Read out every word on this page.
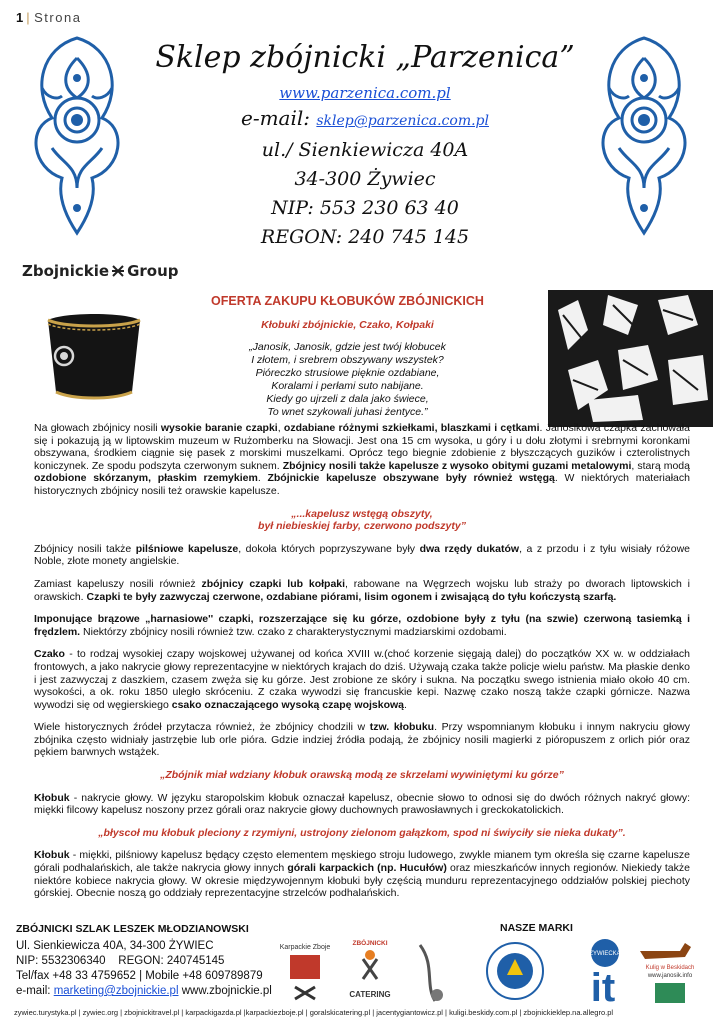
1 | Strona
Sklep zbójnicki „Parzenica”
www.parzenica.com.pl
e-mail: sklep@parzenica.com.pl
ul./ Sienkiewicza 40A
34-300 Żywiec
NIP: 553 230 63 40
REGON: 240 745 145
Zbojnickie Group
OFERTA ZAKUPU KŁOBUKÓW ZBÓJNICKICH
Kłobuki zbójnickie, Czako, Kołpaki
„Janosik, Janosik, gdzie jest twój kłobucek
I złotem, i srebrem obszywany wszystek?
Pióreczko strusiowe pięknie ozdabiane,
Koralami i perłami suto nabijane.
Kiedy go ujrzeli z dala jako świece,
To wnet szykowali juhasi żentyce.”

Na głowach zbójnicy nosili wysokie baranie czapki, ozdabiane różnymi szkiełkami, blaszkami i cętkami. Janosikowa czapka zachowała się i pokazują ją w liptowskim muzeum w Rużomberku na Słowacji. Jest ona 15 cm wysoka, u góry i u dołu złotymi i srebrnymi koronkami obszywana, środkiem ciągnie się pasek z morskimi muszelkami. Oprócz tego biegnie zdobienie z błyszczących guzików i czterolistnych koniczynek. Ze spodu podszyta czerwonym suknem. Zbójnicy nosili także kapelusze z wysoko obitymi guzami metalowymi, starą modą ozdobione skórzanym, płaskim rzemykiem. Zbójnickie kapelusze obszywane były również wstęgą. W niektórych materiałach historycznych zbójnicy nosili też orawskie kapelusze.

„...kapelusz wstęgą obszyty,
był niebieskiej farby, czerwono podszyty”

Zbójnicy nosili także pilśniowe kapelusze, dokoła których poprzyszywane były dwa rzędy dukatów, a z przodu i z tyłu wisiały różowe Noble, złote monety angielskie.

Zamiast kapeluszy nosili również zbójnicy czapki lub kołpaki, rabowane na Węgrzech wojsku lub straży po dworach liptowskich i orawskich. Czapki te były zazwyczaj czerwone, ozdabiane piórami, lisim ogonem i zwisającą do tyłu kończystą szarfą.

Imponujące brązowe „harnasiowe'' czapki, rozszerzające się ku górze, ozdobione były z tyłu (na szwie) czerwoną tasiemką i frędzlem. Niektórzy zbójnicy nosili również tzw. czako z charakterystycznymi madziarskimi ozdobami.

Czako - to rodzaj wysokiej czapy wojskowej używanej od końca XVIII w.(choć korzenie sięgają dalej) do początków XX w. w oddziałach frontowych, a jako nakrycie głowy reprezentacyjne w niektórych krajach do dziś. Używają czaka także policje wielu państw. Ma płaskie denko i jest zazwyczaj z daszkiem, czasem zwęża się ku górze. Jest zrobione ze skóry i sukna. Na początku swego istnienia miało około 40 cm. wysokości, a ok. roku 1850 uległo skróceniu. Z czaka wywodzi się francuskie kepi. Nazwę czako noszą także czapki górnicze. Nazwa wywodzi się od węgierskiego csako oznaczającego wysoką czapę wojskową.

Wiele historycznych źródeł przytacza również, że zbójnicy chodzili w tzw. kłobuku. Przy wspomnianym kłobuku i innym nakryciu głowy zbójnika często widniały jastrzębie lub orle pióra. Gdzie indziej źródła podają, że zbójnicy nosili magierki z pióropuszem z orlich piór oraz pękiem barwnych wstążek.

„Zbójnik miał wdziany kłobuk orawską modą ze skrzelami wywiniętymi ku górze”

Kłobuk - nakrycie głowy. W języku staropolskim kłobuk oznaczał kapelusz, obecnie słowo to odnosi się do dwóch różnych nakryć głowy: miękki filcowy kapelusz noszony przez górali oraz nakrycie głowy duchownych prawosławnych i greckokatolickich.

„błyscoł mu kłobuk pleciony z rzymiyni, ustrojony zielonom gałązkom, spod ni świyciły sie nieka dukaty”.

Kłobuk - miękki, pilśniowy kapelusz będący często elementem męskiego stroju ludowego, zwykle mianem tym określa się czarne kapelusze górali podhalańskich, ale także nakrycia głowy innych górali karpackich (np. Hucułów) oraz mieszkańców innych regionów. Niekiedy także niektóre kobiece nakrycia głowy. W okresie międzywojennym kłobuki były częścią munduru reprezentacyjnego oddziałów polskiej piechoty górskiej. Obecnie noszą go oddziały reprezentacyjne strzelców podhalańskich.

ZBÓJNICKI SZLAK LESZEK MŁODZIANOWSKI
Ul. Sienkiewicza 40A, 34-300 ŻYWIEC
NIP: 5532306340    REGON: 240745145
Tel/fax +48 33 4759652 | Mobile +48 609789879
e-mail: marketing@zbojnickie.pl www.zbojnickie.pl
NASZE MARKI
Karpackie Zboje
ZBÓJNICKI
CATERING
ŻYWIECKA
it	Kulig w Beskidach
www.janosik.info
zywiec.turystyka.pl | zywiec.org | zbojnickitravel.pl | karpackigazda.pl |karpackiezboje.pl | goralskicatering.pl | jacentygiantowicz.pl | kuligi.beskidy.com.pl | zbojnickieklep.na.allegro.pl
